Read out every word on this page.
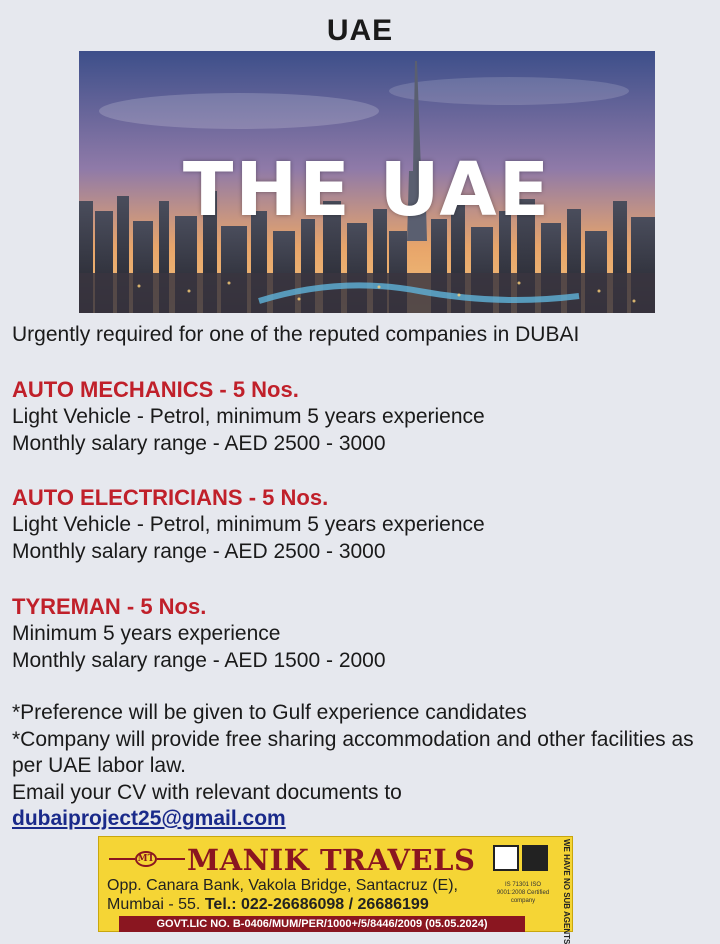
UAE
THE UAE
Urgently required for one of the reputed companies in DUBAI
AUTO MECHANICS - 5 Nos.
Light Vehicle - Petrol, minimum 5 years experience
Monthly salary range - AED 2500 - 3000
AUTO ELECTRICIANS - 5 Nos.
Light Vehicle - Petrol, minimum 5 years experience
Monthly salary range - AED 2500 - 3000
TYREMAN - 5 Nos.
Minimum 5 years experience
Monthly salary range - AED 1500 - 2000
*Preference will be given to Gulf experience candidates
*Company will provide free sharing accommodation and other facilities as per UAE labor law.
Email your CV with relevant documents to
dubaiproject25@gmail.com
MT MANIK TRAVELS
Opp. Canara Bank, Vakola Bridge, Santacruz (E),
Mumbai - 55. Tel.: 022-26686098 / 26686199
IS 71301 ISO 9001:2008 Certified company	WE HAVE NO SUB AGENTS
GOVT.LIC NO. B-0406/MUM/PER/1000+/5/8446/2009 (05.05.2024)
